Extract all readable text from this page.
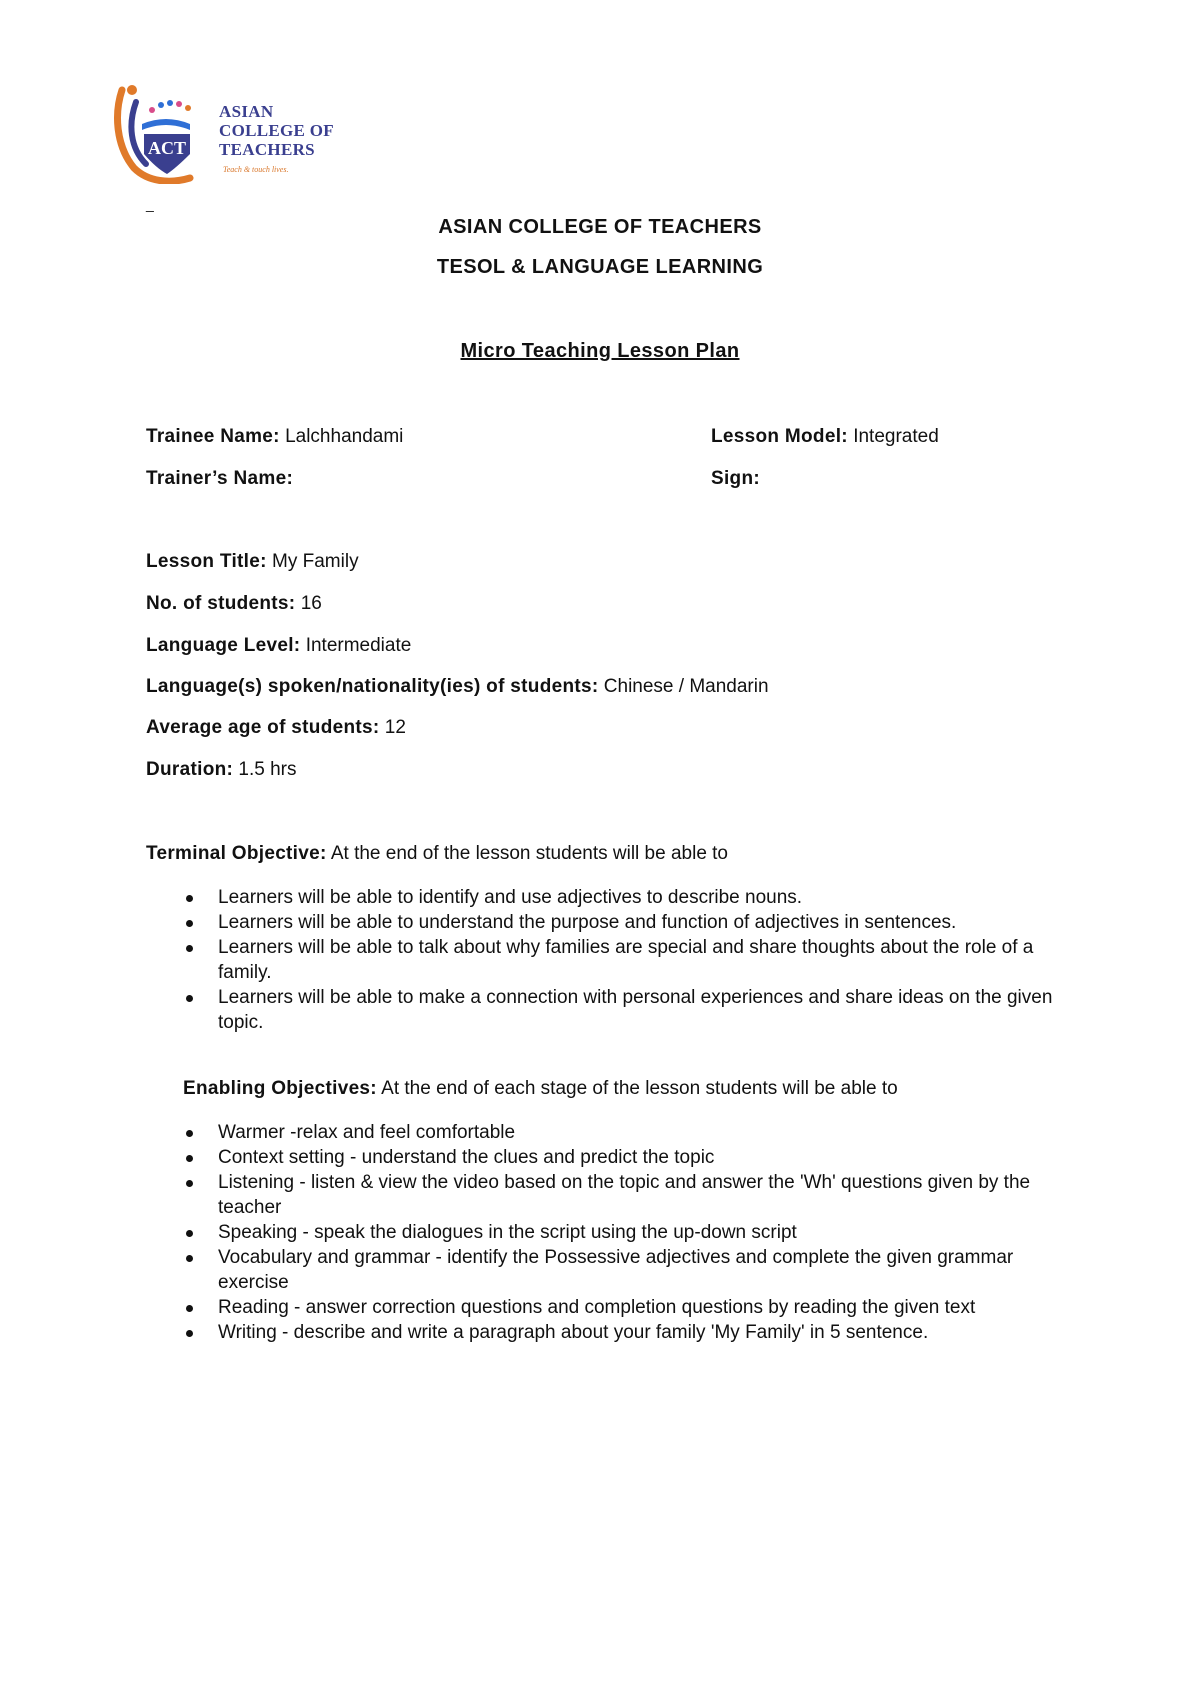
ACT
ASIAN
COLLEGE OF
TEACHERS
Teach & touch lives.
_
ASIAN COLLEGE OF TEACHERS
TESOL & LANGUAGE LEARNING
Micro Teaching Lesson Plan
Trainee Name: Lalchhandami	Lesson Model: Integrated
Trainer’s Name:	Sign:
Lesson Title: My Family
No. of students: 16
Language Level: Intermediate
Language(s) spoken/nationality(ies) of students: Chinese / Mandarin
Average age of students: 12
Duration: 1.5 hrs
Terminal Objective: At the end of the lesson students will be able to
Learners will be able to identify and use adjectives to describe nouns.
Learners will be able to understand the purpose and function of adjectives in sentences.
Learners will be able to talk about why families are special and share thoughts about the role of a family.
Learners will be able to make a connection with personal experiences and share ideas on the given topic.
Enabling Objectives: At the end of each stage of the lesson students will be able to
Warmer -relax and feel comfortable
Context setting - understand the clues and predict the topic
Listening - listen & view the video based on the topic and answer the 'Wh' questions given by the teacher
Speaking - speak the dialogues in the script using the up-down script
Vocabulary and grammar - identify the Possessive adjectives and complete the given grammar exercise
Reading - answer correction questions and completion questions by reading the given text
Writing - describe and write a paragraph about your family 'My Family' in 5 sentence.
